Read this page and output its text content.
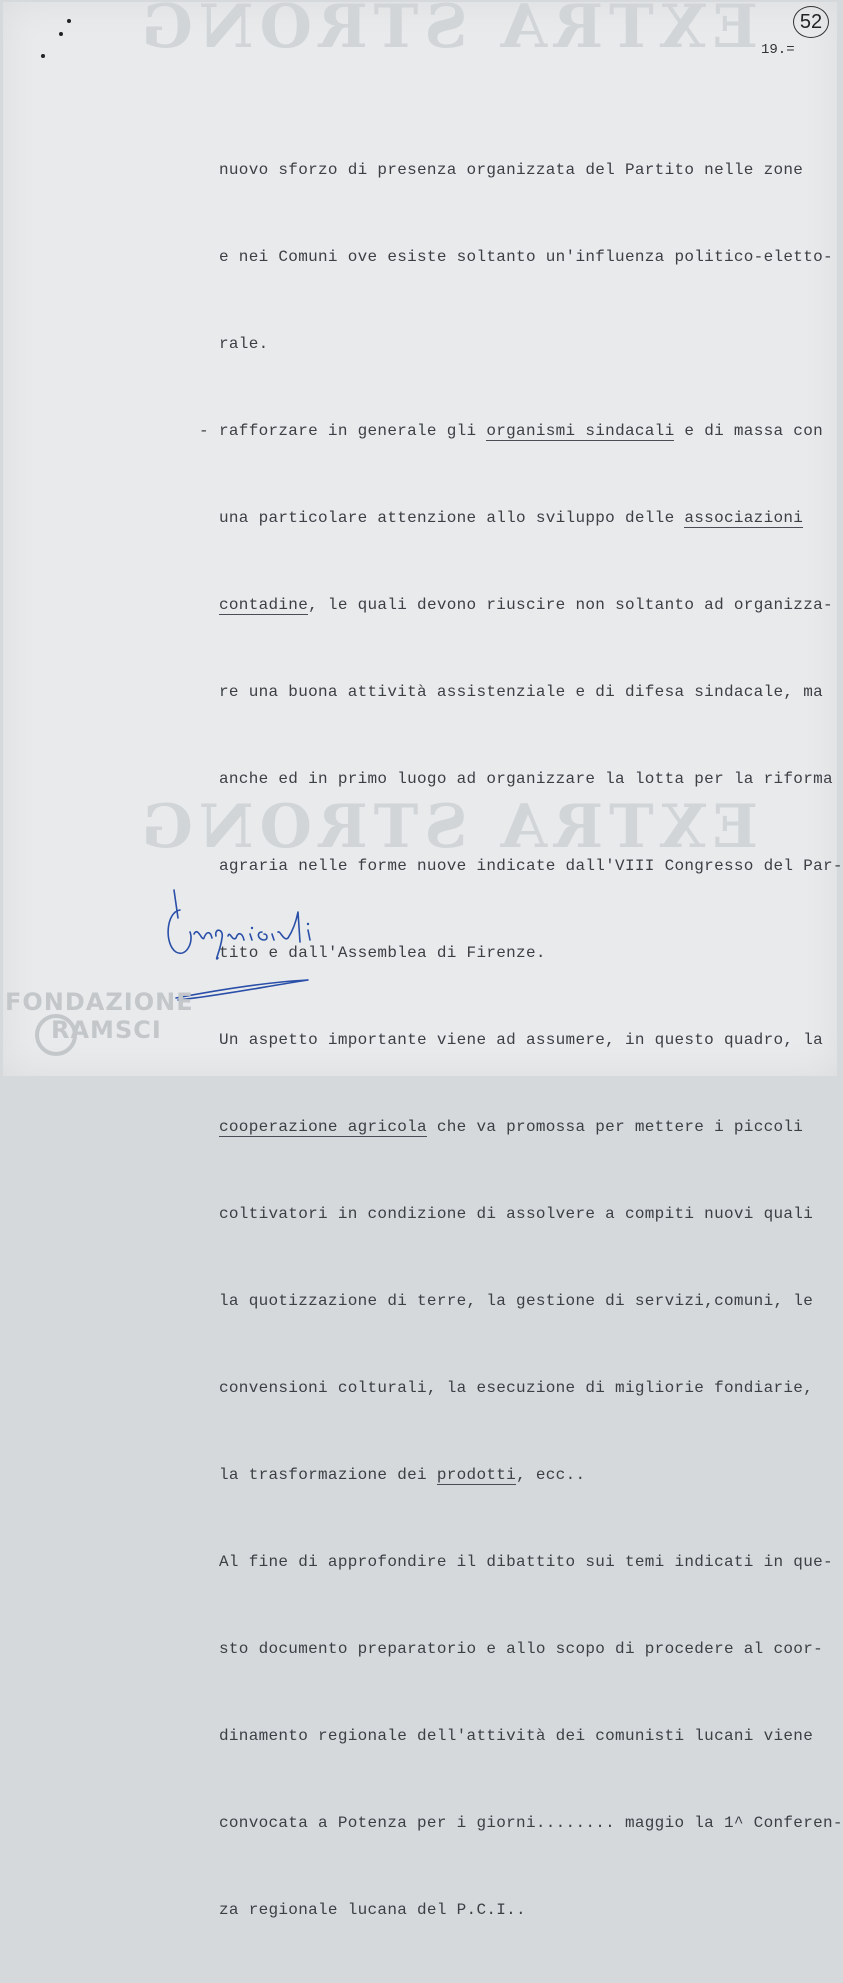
EXTRA STRONG
EXTRA STRONG
52
19.=

nuovo sforzo di presenza organizzata del Partito nelle zone

e nei Comuni ove esiste soltanto un'influenza politico-eletto-

rale.

- rafforzare in generale gli organismi sindacali e di massa con

una particolare attenzione allo sviluppo delle associazioni

contadine, le quali devono riuscire non soltanto ad organizza-

re una buona attività assistenziale e di difesa sindacale, ma

anche ed in primo luogo ad organizzare la lotta per la riforma

agraria nelle forme nuove indicate dall'VIII Congresso del Par-

tito e dall'Assemblea di Firenze.

Un aspetto importante viene ad assumere, in questo quadro, la

cooperazione agricola che va promossa per mettere i piccoli

coltivatori in condizione di assolvere a compiti nuovi quali

la quotizzazione di terre, la gestione di servizi,comuni, le

convensioni colturali, la esecuzione di migliorie fondiarie,

la trasformazione dei prodotti, ecc..

Al fine di approfondire il dibattito sui temi indicati in que-

sto documento preparatorio e allo scopo di procedere al coor-

dinamento regionale dell'attività dei comunisti lucani viene

convocata a Potenza per i giorni........ maggio la 1^ Conferen-

za regionale lucana del P.C.I..

FONDAZIONE
RAMSCI
